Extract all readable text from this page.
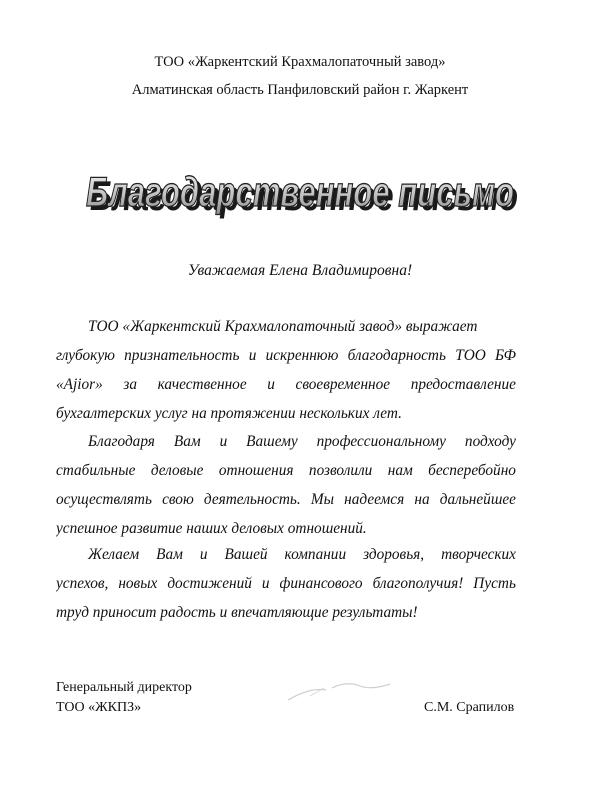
ТОО «Жаркентский Крахмалопаточный завод»
Алматинская область Панфиловский район г. Жаркент
Благодарственное письмо
Благодарственное письмо
Уважаемая Елена Владимировна!
ТОО «Жаркентский Крахмалопаточный завод» выражает
глубокую признательность и искреннюю благодарность ТОО БФ
«Ajior» за качественное и своевременное предоставление
бухгалтерских услуг на протяжении нескольких лет.
Благодаря Вам и Вашему профессиональному подходу
стабильные деловые отношения позволили нам бесперебойно
осуществлять свою деятельность. Мы надеемся на дальнейшее
успешное развитие наших деловых отношений.
Желаем Вам и Вашей компании здоровья, творческих
успехов, новых достижений и финансового благополучия! Пусть
труд приносит радость и впечатляющие результаты!
Генеральный директор
ТОО «ЖКПЗ»	С.М. Срапилов
